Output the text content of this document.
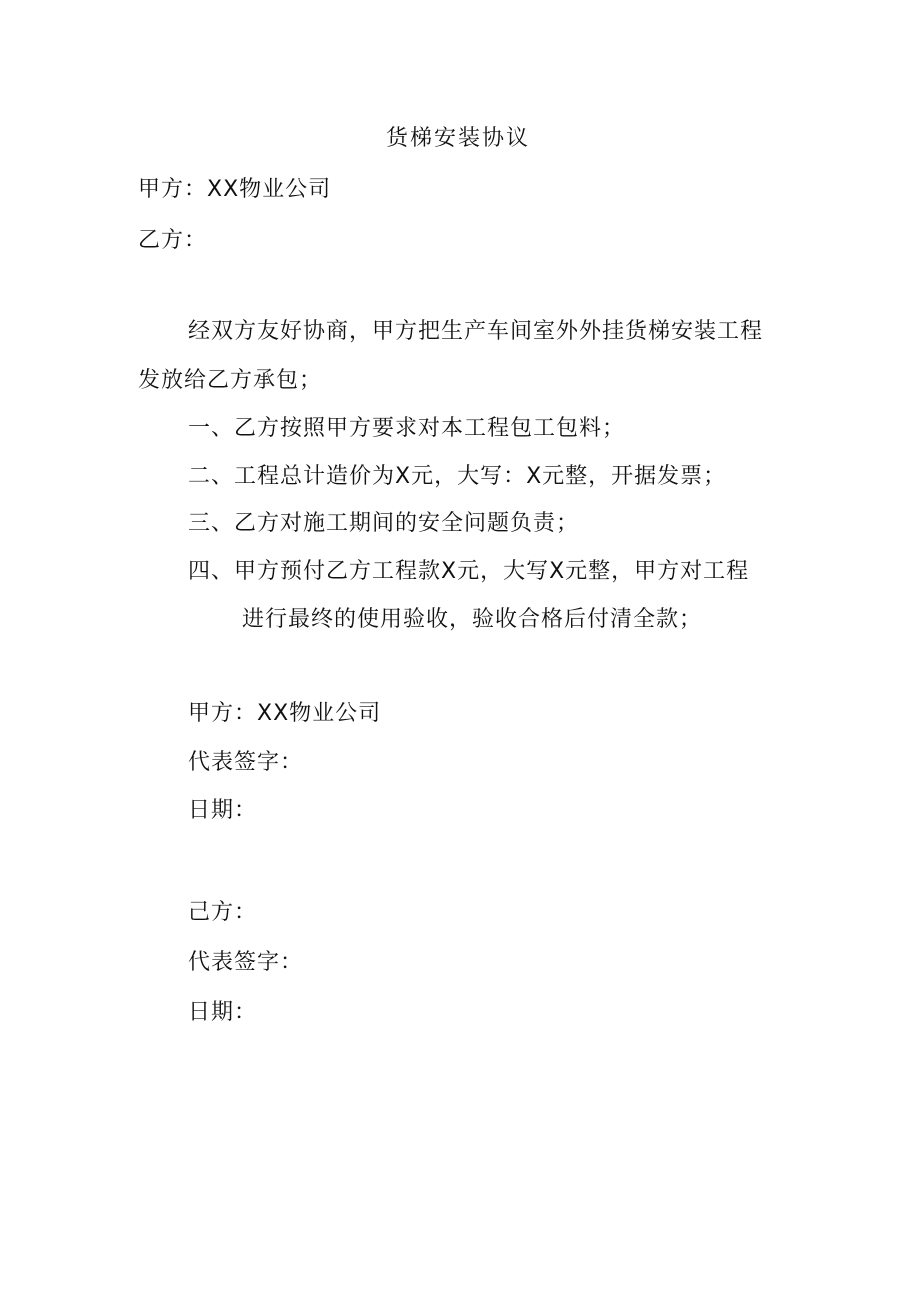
货梯安装协议
甲方：XX物业公司
乙方：
经双方友好协商，甲方把生产车间室外外挂货梯安装工程
发放给乙方承包；
一、乙方按照甲方要求对本工程包工包料；
二、工程总计造价为X元，大写：X元整，开据发票；
三、乙方对施工期间的安全问题负责；
四、甲方预付乙方工程款X元，大写X元整，甲方对工程
进行最终的使用验收，验收合格后付清全款；
甲方：XX物业公司
代表签字：
日期：
己方：
代表签字：
日期：
